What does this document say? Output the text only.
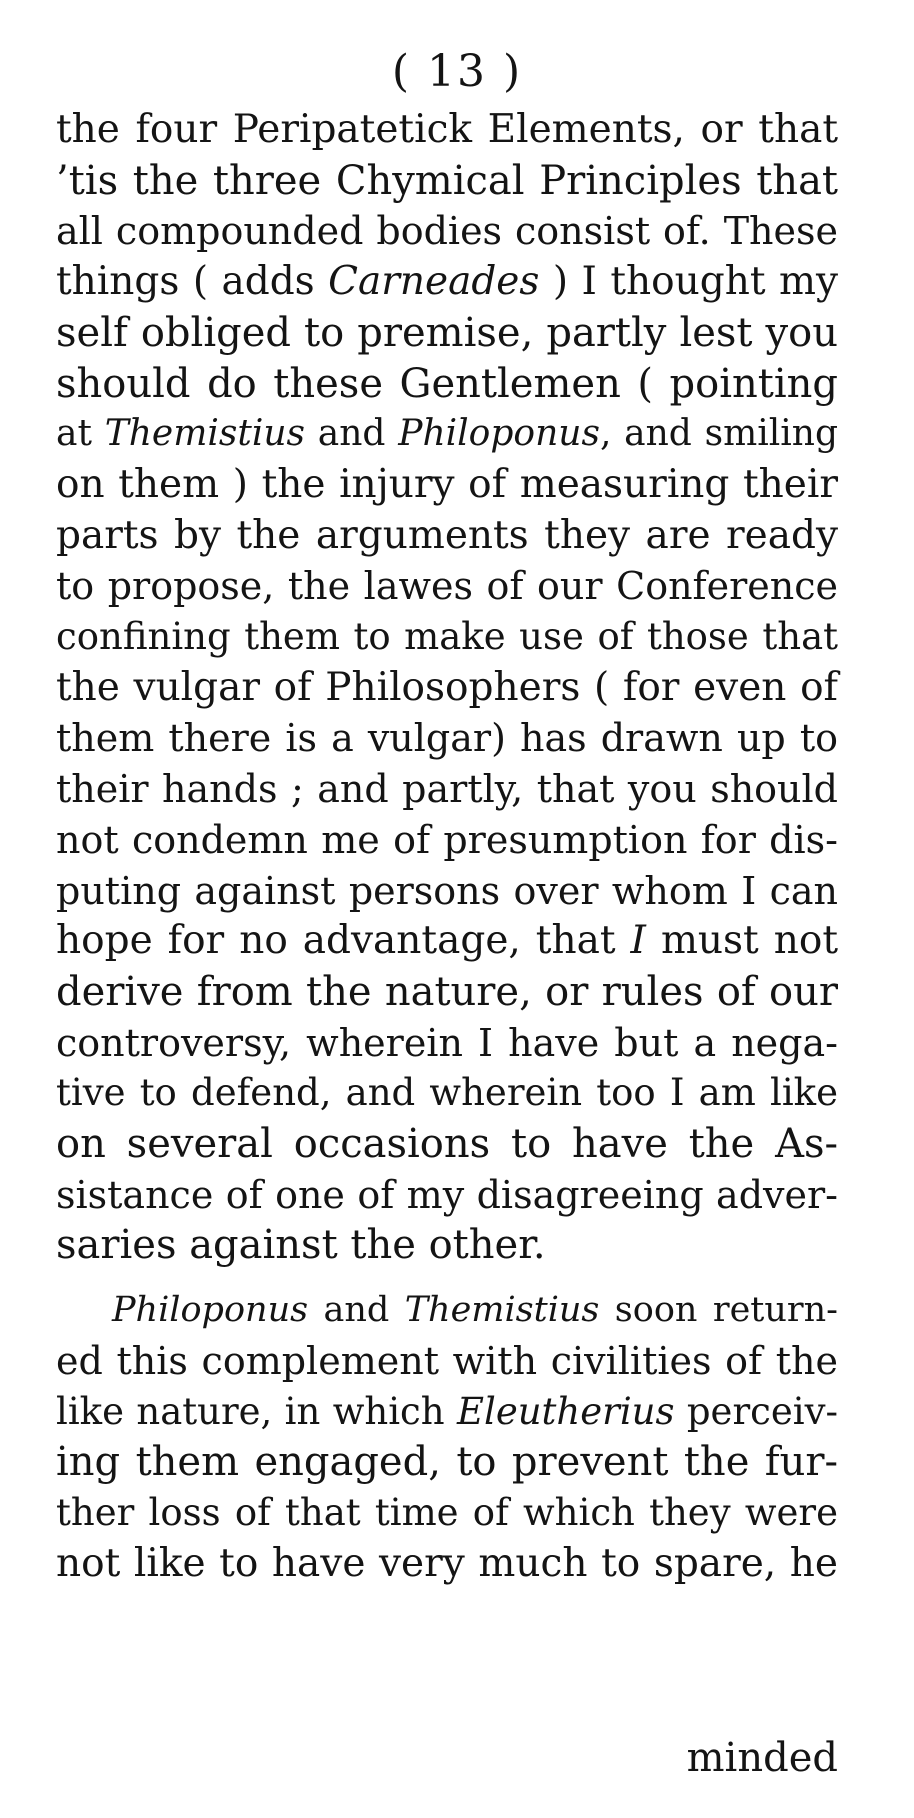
( 13 )
the four Peripatetick Elements, or that
’tis the three Chymical Principles that
all compounded bodies consist of. These
things ( adds Carneades ) I thought my
self obliged to premise, partly lest you
should do these Gentlemen ( pointing
at Themistius and Philoponus, and smiling
on them ) the injury of measuring their
parts by the arguments they are ready
to propose, the lawes of our Conference
confining them to make use of those that
the vulgar of Philosophers ( for even of
them there is a vulgar) has drawn up to
their hands ; and partly, that you should
not condemn me of presumption for dis-
puting against persons over whom I can
hope for no advantage, that I must not
derive from the nature, or rules of our
controversy, wherein I have but a nega-
tive to defend, and wherein too I am like
on several occasions to have the As-
sistance of one of my disagreeing adver-
saries against the other.
Philoponus and Themistius soon return-
ed this complement with civilities of the
like nature, in which Eleutherius perceiv-
ing them engaged, to prevent the fur-
ther loss of that time of which they were
not like to have very much to spare, he
minded
